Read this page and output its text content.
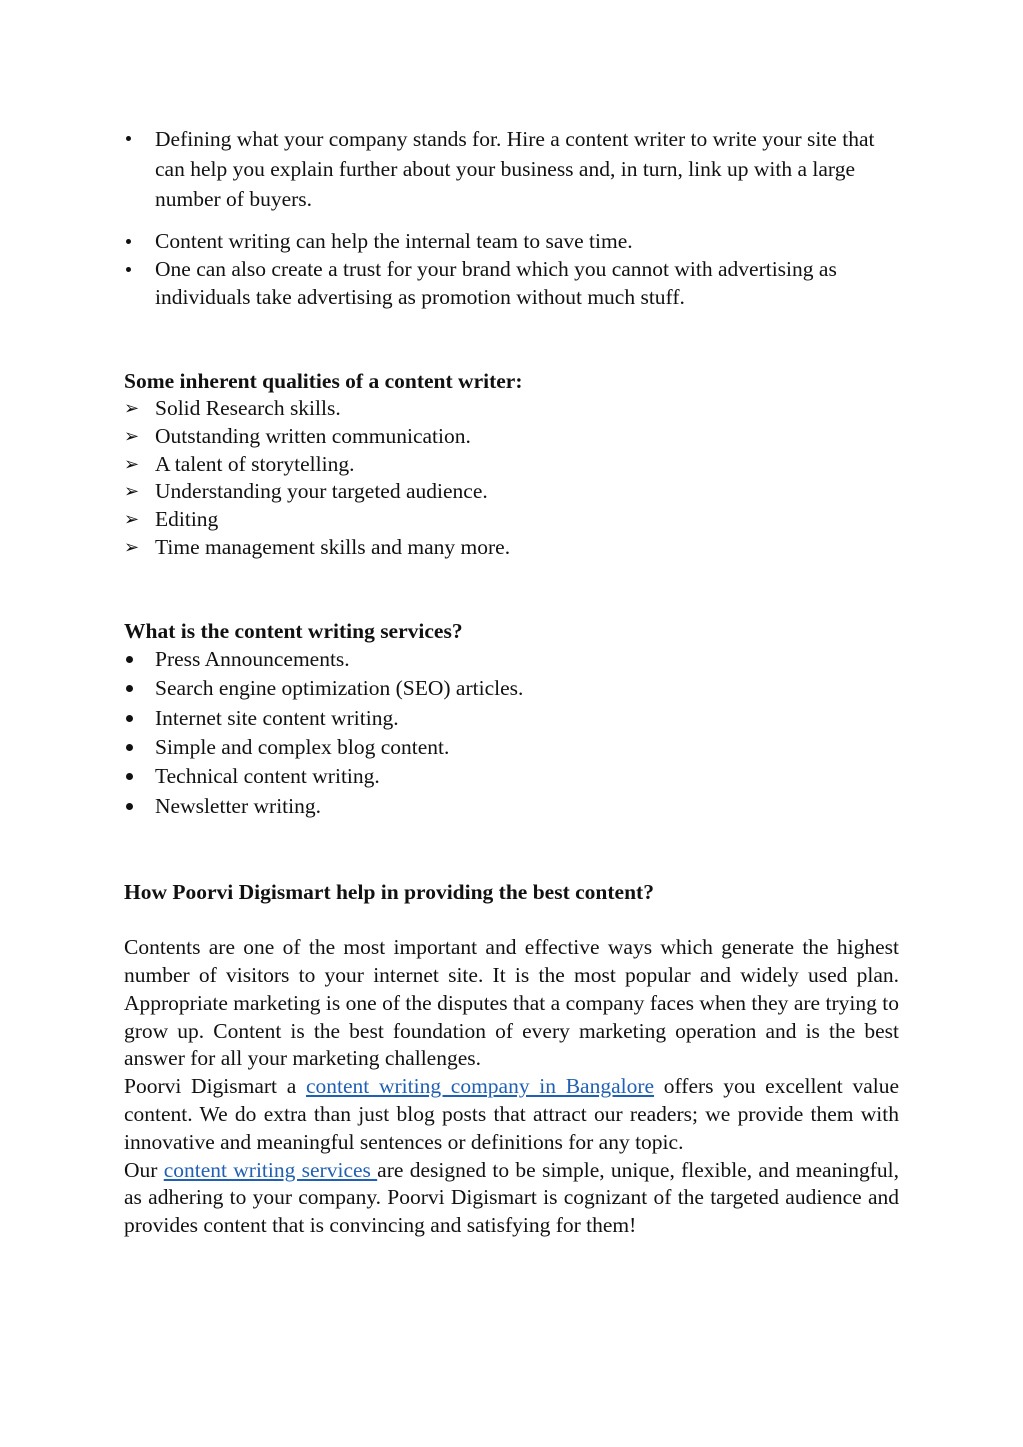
Defining what your company stands for. Hire a content writer to write your site that can help you explain further about your business and, in turn, link up with a large number of buyers.
Content writing can help the internal team to save time.
One can also create a trust for your brand which you cannot with advertising as individuals take advertising as promotion without much stuff.

Some inherent qualities of a content writer:

➢
Solid Research skills.
➢
Outstanding written communication.
➢
A talent of storytelling.
➢
Understanding your targeted audience.
➢
Editing
➢
Time management skills and many more.

What is the content writing services?

Press Announcements.
Search engine optimization (SEO) articles.
Internet site content writing.
Simple and complex blog content.
Technical content writing.
Newsletter writing.

How Poorvi Digismart help in providing the best content?

Contents are one of the most important and effective ways which generate the highest number of visitors to your internet site. It is the most popular and widely used plan. Appropriate marketing is one of the disputes that a company faces when they are trying to grow up. Content is the best foundation of every marketing operation and is the best answer for all your marketing challenges.

Poorvi Digismart a content writing company in Bangalore offers you excellent value content. We do extra than just blog posts that attract our readers; we provide them with innovative and meaningful sentences or definitions for any topic.

Our content writing services are designed to be simple, unique, flexible, and meaningful, as adhering to your company. Poorvi Digismart is cognizant of the targeted audience and provides content that is convincing and satisfying for them!
